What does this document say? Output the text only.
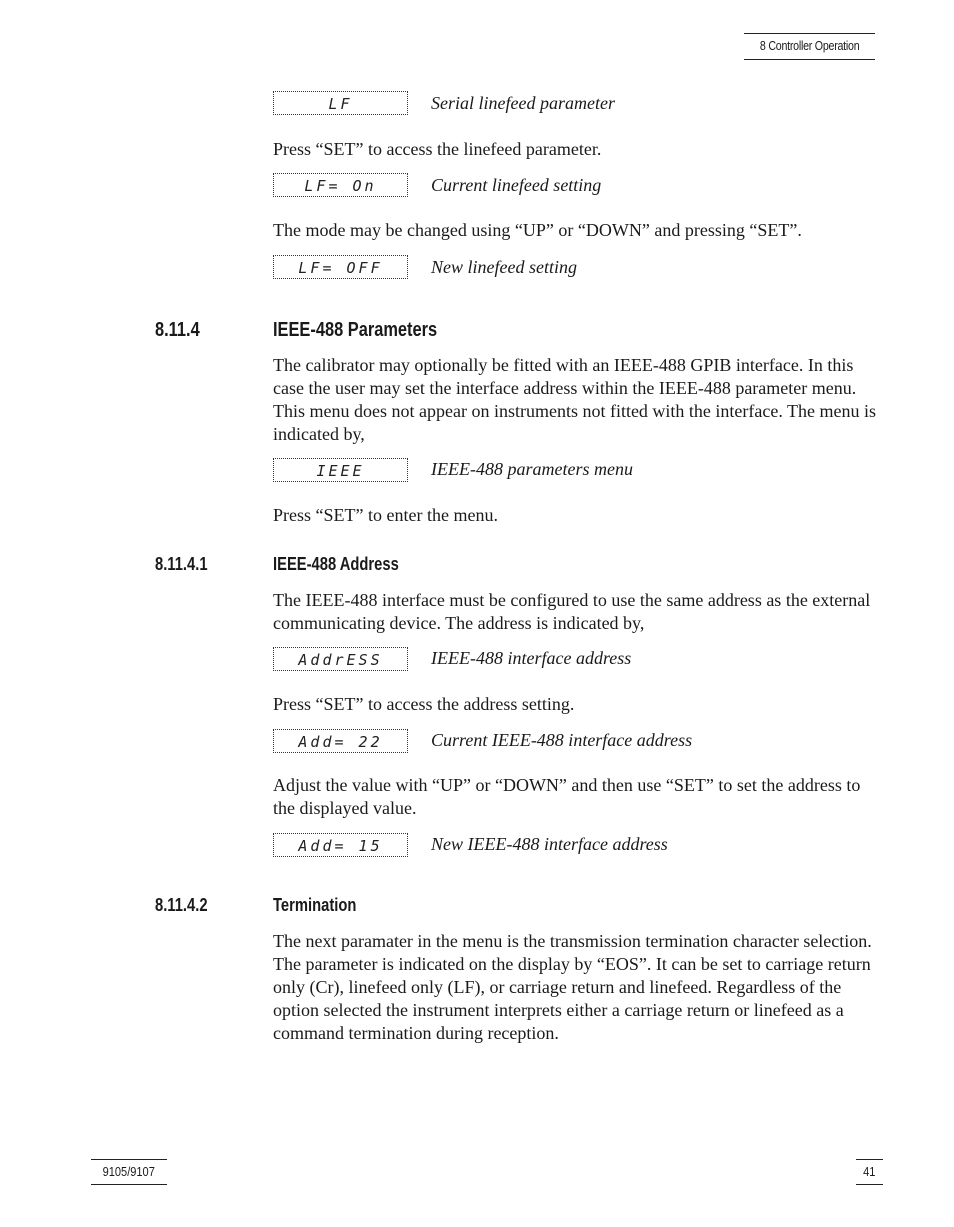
8 Controller Operation
LF	Serial linefeed parameter
Press “SET” to access the linefeed parameter.
LF= On	Current linefeed setting
The mode may be changed using “UP” or “DOWN” and pressing “SET”.
LF= OFF	New linefeed setting
8.11.4	IEEE-488 Parameters
The calibrator may optionally be fitted with an IEEE-488 GPIB interface. In this case the user may set the interface address within the IEEE-488 parameter menu. This menu does not appear on instruments not fitted with the interface. The menu is indicated by,
IEEE	IEEE-488 parameters menu
Press “SET” to enter the menu.
8.11.4.1	IEEE-488 Address
The IEEE-488 interface must be configured to use the same address as the external communicating device. The address is indicated by,
AddrESS	IEEE-488 interface address
Press “SET” to access the address setting.
Add= 22	Current IEEE-488 interface address
Adjust the value with “UP” or “DOWN” and then use “SET” to set the address to the displayed value.
Add= 15	New IEEE-488 interface address
8.11.4.2	Termination
The next paramater in the menu is the transmission termination character selection. The parameter is indicated on the display by “EOS”. It can be set to carriage return only (Cr), linefeed only (LF), or carriage return and linefeed. Regardless of the option selected the instrument interprets either a carriage return or linefeed as a command termination during reception.
9105/9107	41
